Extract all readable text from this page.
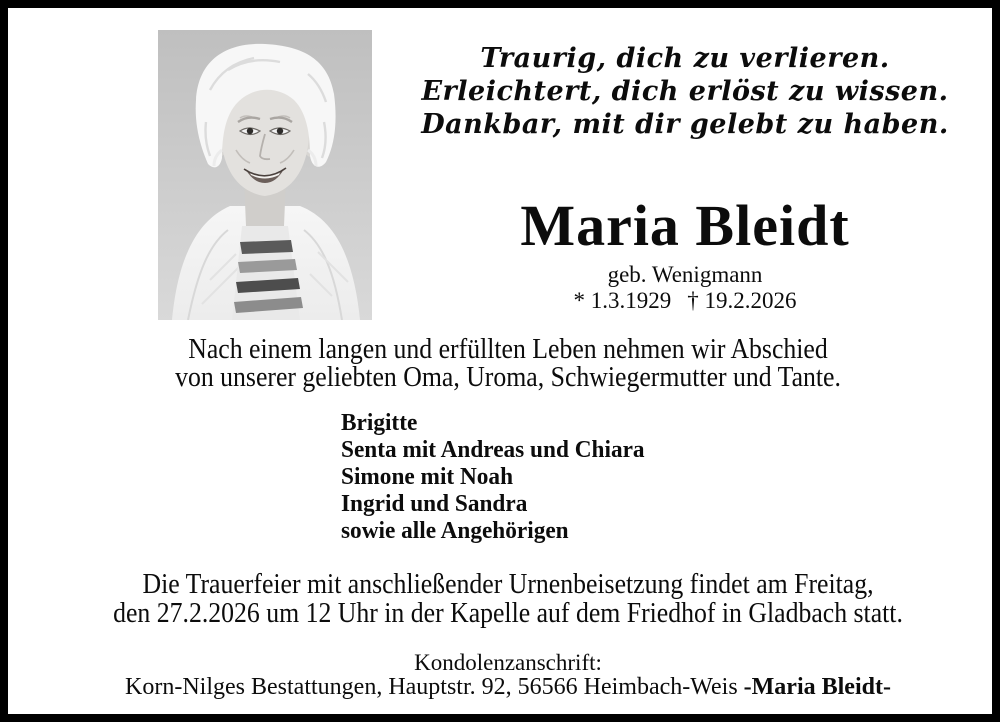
Traurig, dich zu verlieren.
Erleichtert, dich erlöst zu wissen.
Dankbar, mit dir gelebt zu haben.
Maria Bleidt
geb. Wenigmann
* 1.3.1929 † 19.2.2026
Nach einem langen und erfüllten Leben nehmen wir Abschied
von unserer geliebten Oma, Uroma, Schwiegermutter und Tante.
Brigitte
Senta mit Andreas und Chiara
Simone mit Noah
Ingrid und Sandra
sowie alle Angehörigen
Die Trauerfeier mit anschließender Urnenbeisetzung findet am Freitag,
den 27.2.2026 um 12 Uhr in der Kapelle auf dem Friedhof in Gladbach statt.
Kondolenzanschrift:
Korn-Nilges Bestattungen, Hauptstr. 92, 56566 Heimbach-Weis -Maria Bleidt-
